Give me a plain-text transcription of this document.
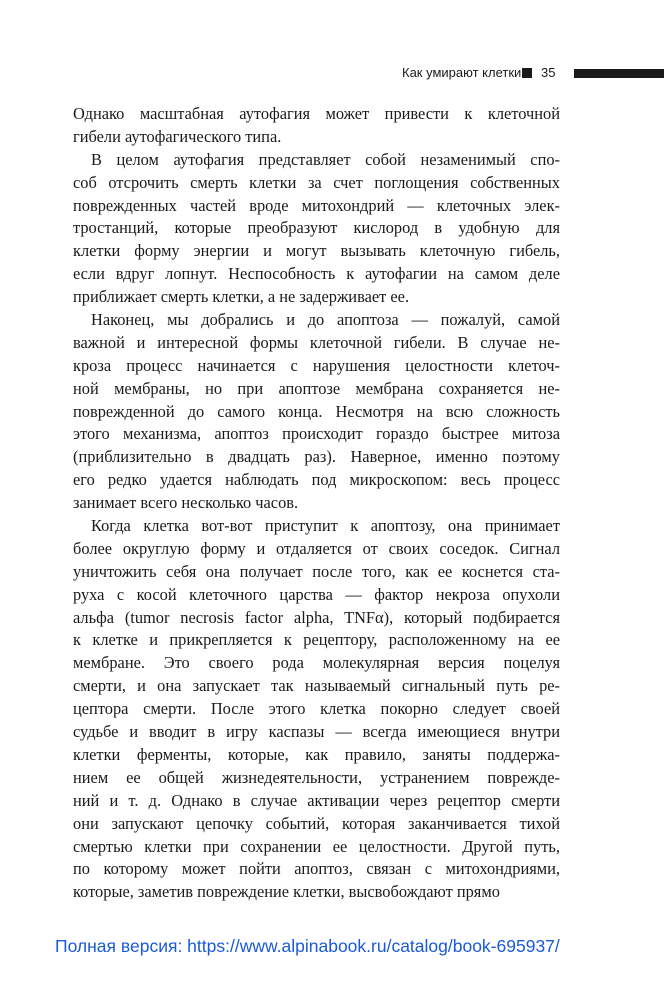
Как умирают клетки 35
Однако масштабная аутофагия может привести к клеточной
гибели аутофагического типа.
В целом аутофагия представляет собой незаменимый спо-
соб отсрочить смерть клетки за счет поглощения собственных
поврежденных частей вроде митохондрий — клеточных элек-
тростанций, которые преобразуют кислород в удобную для
клетки форму энергии и могут вызывать клеточную гибель,
если вдруг лопнут. Неспособность к аутофагии на самом деле
приближает смерть клетки, а не задерживает ее.
Наконец, мы добрались и до апоптоза — пожалуй, самой
важной и интересной формы клеточной гибели. В случае не-
кроза процесс начинается с нарушения целостности клеточ-
ной мембраны, но при апоптозе мембрана сохраняется не-
поврежденной до самого конца. Несмотря на всю сложность
этого механизма, апоптоз происходит гораздо быстрее митоза
(приблизительно в двадцать раз). Наверное, именно поэтому
его редко удается наблюдать под микроскопом: весь процесс
занимает всего несколько часов.
Когда клетка вот-вот приступит к апоптозу, она принимает
более округлую форму и отдаляется от своих соседок. Сигнал
уничтожить себя она получает после того, как ее коснется ста-
руха с косой клеточного царства — фактор некроза опухоли
альфа (tumor necrosis factor alpha, TNFα), который подбирается
к клетке и прикрепляется к рецептору, расположенному на ее
мембране. Это своего рода молекулярная версия поцелуя
смерти, и она запускает так называемый сигнальный путь ре-
цептора смерти. После этого клетка покорно следует своей
судьбе и вводит в игру каспазы — всегда имеющиеся внутри
клетки ферменты, которые, как правило, заняты поддержа-
нием ее общей жизнедеятельности, устранением поврежде-
ний и т. д. Однако в случае активации через рецептор смерти
они запускают цепочку событий, которая заканчивается тихой
смертью клетки при сохранении ее целостности. Другой путь,
по которому может пойти апоптоз, связан с митохондриями,
которые, заметив повреждение клетки, высвобождают прямо
Полная версия: https://www.alpinabook.ru/catalog/book-695937/
